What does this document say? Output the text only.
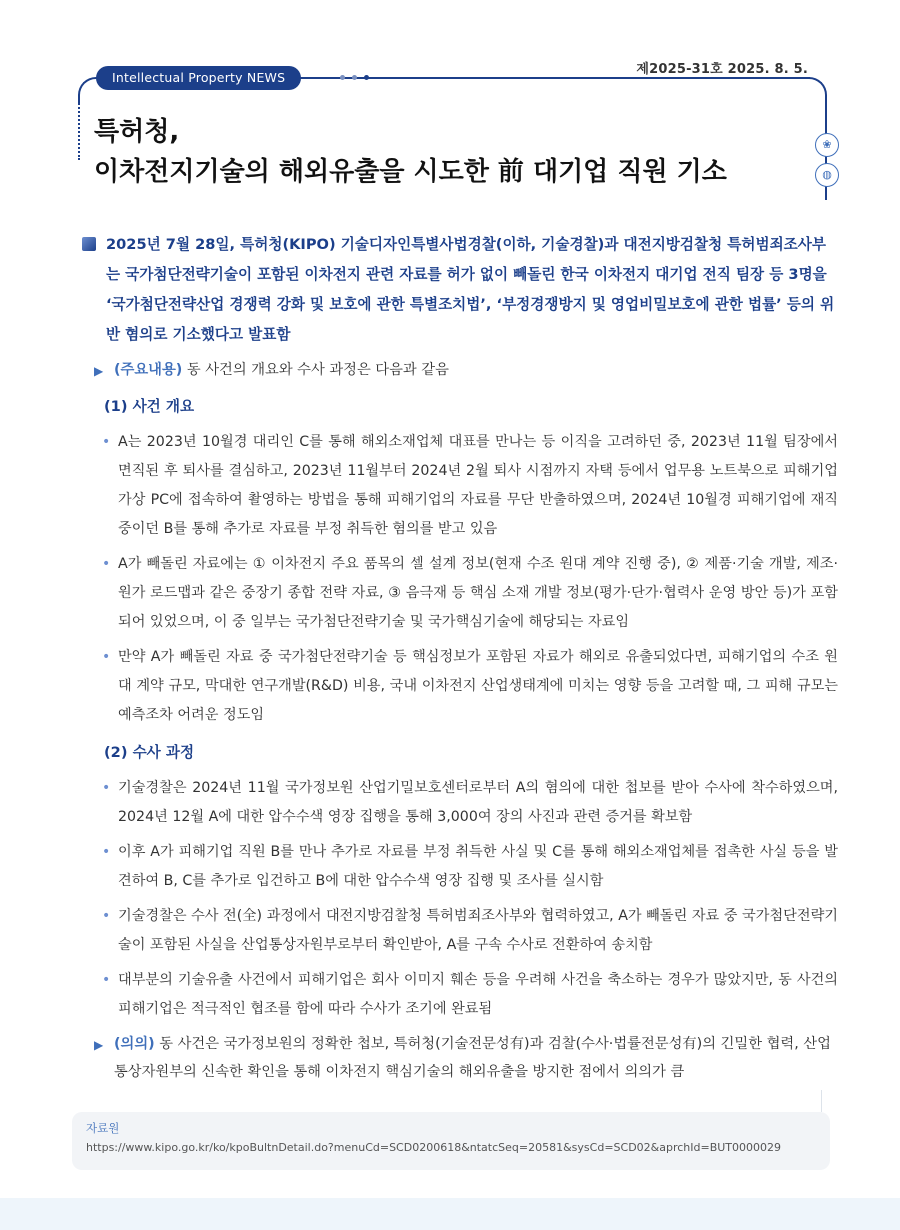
제2025-31호 2025. 8. 5.
Intellectual Property NEWS
특허청,
이차전지기술의 해외유출을 시도한 前 대기업 직원 기소
❀
◍
2025년 7월 28일, 특허청(KIPO) 기술디자인특별사법경찰(이하, 기술경찰)과 대전지방검찰청 특허범죄조사부는 국가첨단전략기술이 포함된 이차전지 관련 자료를 허가 없이 빼돌린 한국 이차전지 대기업 전직 팀장 등 3명을 ‘국가첨단전략산업 경쟁력 강화 및 보호에 관한 특별조치법’, ‘부정경쟁방지 및 영업비밀보호에 관한 법률’ 등의 위반 혐의로 기소했다고 발표함
▶ (주요내용) 동 사건의 개요와 수사 과정은 다음과 같음
(1) 사건 개요
• A는 2023년 10월경 대리인 C를 통해 해외소재업체 대표를 만나는 등 이직을 고려하던 중, 2023년 11월 팀장에서 면직된 후 퇴사를 결심하고, 2023년 11월부터 2024년 2월 퇴사 시점까지 자택 등에서 업무용 노트북으로 피해기업 가상 PC에 접속하여 촬영하는 방법을 통해 피해기업의 자료를 무단 반출하였으며, 2024년 10월경 피해기업에 재직 중이던 B를 통해 추가로 자료를 부정 취득한 혐의를 받고 있음
• A가 빼돌린 자료에는 ① 이차전지 주요 품목의 셀 설계 정보(현재 수조 원대 계약 진행 중), ② 제품·기술 개발, 제조·원가 로드맵과 같은 중장기 종합 전략 자료, ③ 음극재 등 핵심 소재 개발 정보(평가·단가·협력사 운영 방안 등)가 포함되어 있었으며, 이 중 일부는 국가첨단전략기술 및 국가핵심기술에 해당되는 자료임
• 만약 A가 빼돌린 자료 중 국가첨단전략기술 등 핵심정보가 포함된 자료가 해외로 유출되었다면, 피해기업의 수조 원대 계약 규모, 막대한 연구개발(R&D) 비용, 국내 이차전지 산업생태계에 미치는 영향 등을 고려할 때, 그 피해 규모는 예측조차 어려운 정도임
(2) 수사 과정
• 기술경찰은 2024년 11월 국가정보원 산업기밀보호센터로부터 A의 혐의에 대한 첩보를 받아 수사에 착수하였으며, 2024년 12월 A에 대한 압수수색 영장 집행을 통해 3,000여 장의 사진과 관련 증거를 확보함
• 이후 A가 피해기업 직원 B를 만나 추가로 자료를 부정 취득한 사실 및 C를 통해 해외소재업체를 접촉한 사실 등을 발견하여 B, C를 추가로 입건하고 B에 대한 압수수색 영장 집행 및 조사를 실시함
• 기술경찰은 수사 전(全) 과정에서 대전지방검찰청 특허범죄조사부와 협력하였고, A가 빼돌린 자료 중 국가첨단전략기술이 포함된 사실을 산업통상자원부로부터 확인받아, A를 구속 수사로 전환하여 송치함
• 대부분의 기술유출 사건에서 피해기업은 회사 이미지 훼손 등을 우려해 사건을 축소하는 경우가 많았지만, 동 사건의 피해기업은 적극적인 협조를 함에 따라 수사가 조기에 완료됨
▶ (의의) 동 사건은 국가정보원의 정확한 첩보, 특허청(기술전문성有)과 검찰(수사·법률전문성有)의 긴밀한 협력, 산업통상자원부의 신속한 확인을 통해 이차전지 핵심기술의 해외유출을 방지한 점에서 의의가 큼
자료원
https://www.kipo.go.kr/ko/kpoBultnDetail.do?menuCd=SCD0200618&ntatcSeq=20581&sysCd=SCD02&aprchId=BUT0000029
